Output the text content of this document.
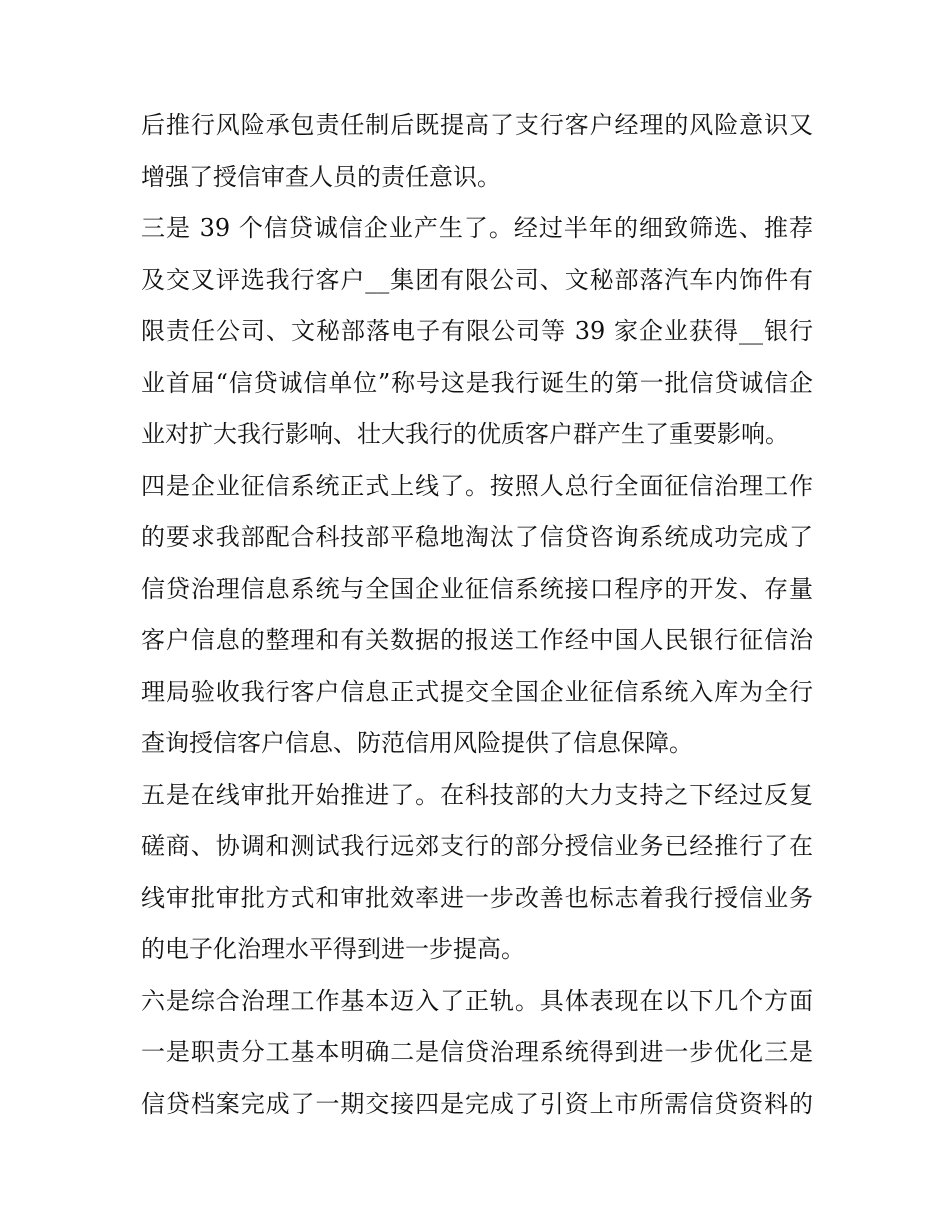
后推行风险承包责任制后既提高了支行客户经理的风险意识又
增强了授信审查人员的责任意识。
三是 39 个信贷诚信企业产生了。经过半年的细致筛选、推荐
及交叉评选我行客户__集团有限公司、文秘部落汽车内饰件有
限责任公司、文秘部落电子有限公司等 39 家企业获得__银行
业首届“信贷诚信单位”称号这是我行诞生的第一批信贷诚信企
业对扩大我行影响、壮大我行的优质客户群产生了重要影响。
四是企业征信系统正式上线了。按照人总行全面征信治理工作
的要求我部配合科技部平稳地淘汰了信贷咨询系统成功完成了
信贷治理信息系统与全国企业征信系统接口程序的开发、存量
客户信息的整理和有关数据的报送工作经中国人民银行征信治
理局验收我行客户信息正式提交全国企业征信系统入库为全行
查询授信客户信息、防范信用风险提供了信息保障。
五是在线审批开始推进了。在科技部的大力支持之下经过反复
磋商、协调和测试我行远郊支行的部分授信业务已经推行了在
线审批审批方式和审批效率进一步改善也标志着我行授信业务
的电子化治理水平得到进一步提高。
六是综合治理工作基本迈入了正轨。具体表现在以下几个方面
一是职责分工基本明确二是信贷治理系统得到进一步优化三是
信贷档案完成了一期交接四是完成了引资上市所需信贷资料的
